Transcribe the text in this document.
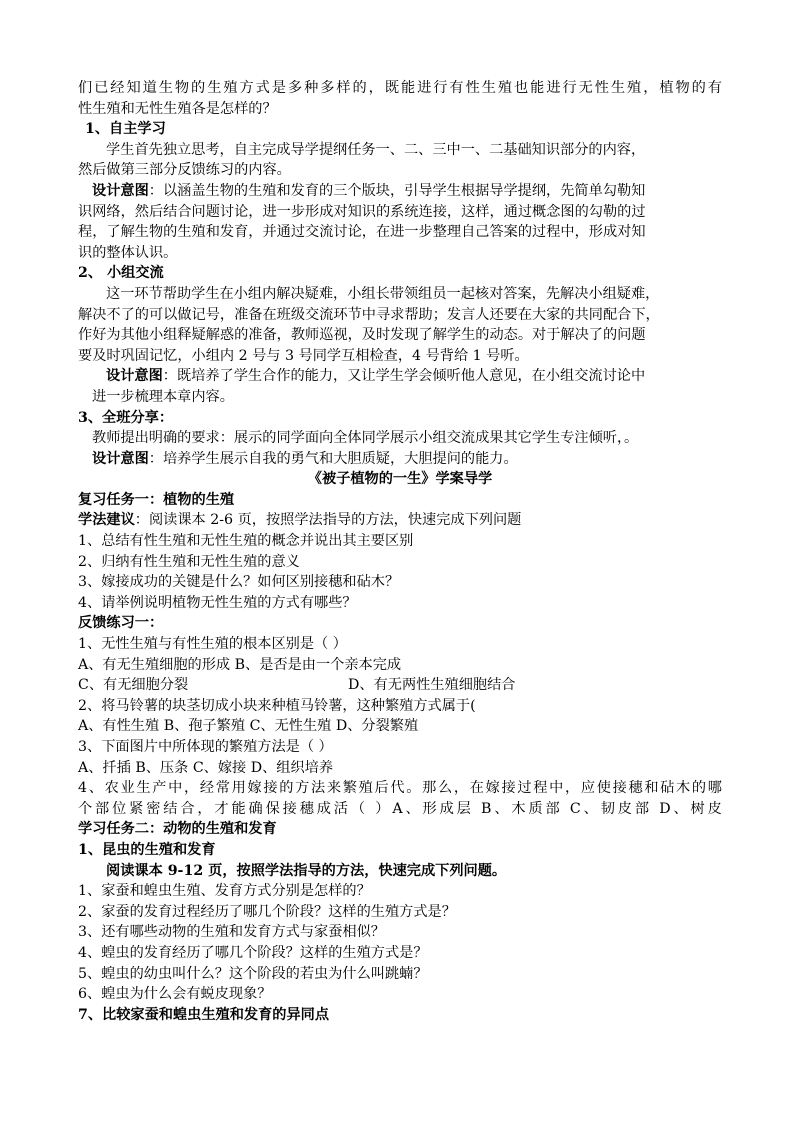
们已经知道生物的生殖方式是多种多样的，既能进行有性生殖也能进行无性生殖，植物的有

性生殖和无性生殖各是怎样的？

1、自主学习

学生首先独立思考，自主完成导学提纲任务一、二、三中一、二基础知识部分的内容，

然后做第三部分反馈练习的内容。

设计意图：以涵盖生物的生殖和发育的三个版块，引导学生根据导学提纲，先简单勾勒知

识网络，然后结合问题讨论，进一步形成对知识的系统连接，这样，通过概念图的勾勒的过

程，了解生物的生殖和发育，并通过交流讨论，在进一步整理自己答案的过程中，形成对知

识的整体认识。

2、 小组交流

这一环节帮助学生在小组内解决疑难，小组长带领组员一起核对答案，先解决小组疑难，

解决不了的可以做记号，准备在班级交流环节中寻求帮助；发言人还要在大家的共同配合下，

作好为其他小组释疑解惑的准备，教师巡视，及时发现了解学生的动态。对于解决了的问题

要及时巩固记忆，小组内 2 号与 3 号同学互相检查，4 号背给 1 号听。

设计意图：既培养了学生合作的能力，又让学生学会倾听他人意见，在小组交流讨论中

进一步梳理本章内容。

3、全班分享：

教师提出明确的要求：展示的同学面向全体同学展示小组交流成果其它学生专注倾听，。

设计意图：培养学生展示自我的勇气和大胆质疑，大胆提问的能力。

《被子植物的一生》学案导学

复习任务一：植物的生殖

学法建议：阅读课本 2-6 页，按照学法指导的方法，快速完成下列问题

1、总结有性生殖和无性生殖的概念并说出其主要区别

2、归纳有性生殖和无性生殖的意义

3、嫁接成功的关键是什么？如何区别接穗和砧木？

4、请举例说明植物无性生殖的方式有哪些？

反馈练习一：

1、无性生殖与有性生殖的根本区别是（ ）

A、有无生殖细胞的形成 B、是否是由一个亲本完成

C、有无细胞分裂	D、有无两性生殖细胞结合

2、将马铃薯的块茎切成小块来种植马铃薯，这种繁殖方式属于(

A、有性生殖 B、孢子繁殖 C、无性生殖 D、分裂繁殖

3、下面图片中所体现的繁殖方法是（ ）

A、扦插 B、压条 C、嫁接 D、组织培养

4、农业生产中，经常用嫁接的方法来繁殖后代。那么，在嫁接过程中，应使接穗和砧木的哪

个部位紧密结合，才能确保接穗成活（ ）A、形成层 B、木质部 C、韧皮部 D、树皮

学习任务二：动物的生殖和发育

1、昆虫的生殖和发育

阅读课本 9-12 页，按照学法指导的方法，快速完成下列问题。

1、家蚕和蝗虫生殖、发育方式分别是怎样的？

2、家蚕的发育过程经历了哪几个阶段？这样的生殖方式是？

3、还有哪些动物的生殖和发育方式与家蚕相似？

4、蝗虫的发育经历了哪几个阶段？这样的生殖方式是？

5、蝗虫的幼虫叫什么？这个阶段的若虫为什么叫跳蝻？

6、蝗虫为什么会有蜕皮现象？

7、比较家蚕和蝗虫生殖和发育的异同点
